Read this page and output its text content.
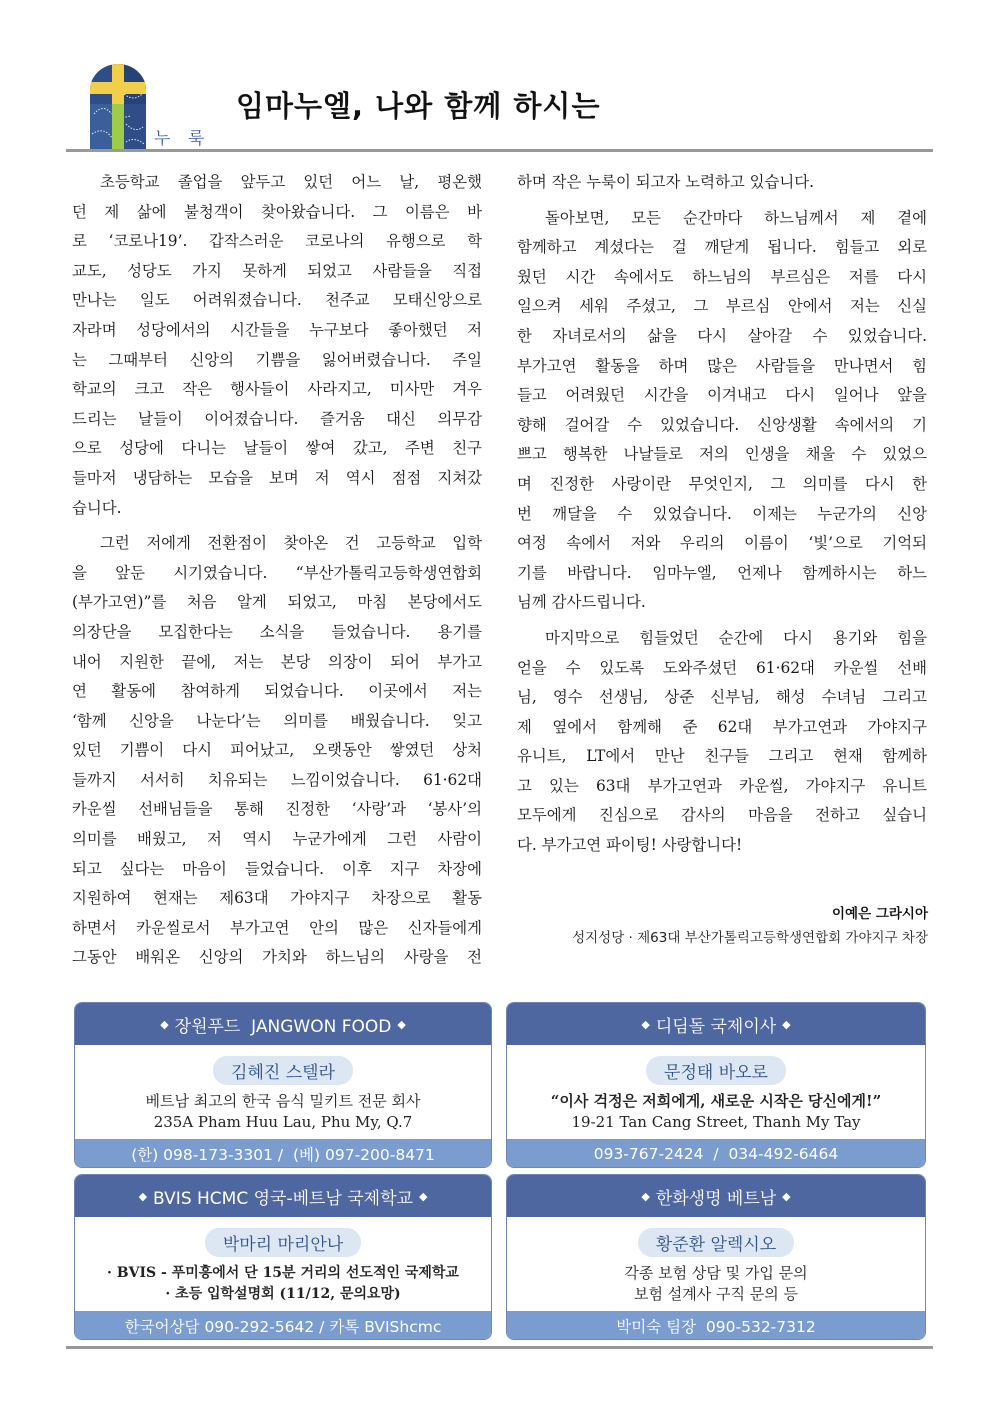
누 룩
임마누엘, 나와 함께 하시는

초등학교 졸업을 앞두고 있던 어느 날, 평온했
던 제 삶에 불청객이 찾아왔습니다. 그 이름은 바
로 ‘코로나19’. 갑작스러운 코로나의 유행으로 학
교도, 성당도 가지 못하게 되었고 사람들을 직접
만나는 일도 어려워졌습니다. 천주교 모태신앙으로
자라며 성당에서의 시간들을 누구보다 좋아했던 저
는 그때부터 신앙의 기쁨을 잃어버렸습니다. 주일
학교의 크고 작은 행사들이 사라지고, 미사만 겨우
드리는 날들이 이어졌습니다. 즐거움 대신 의무감
으로 성당에 다니는 날들이 쌓여 갔고, 주변 친구
들마저 냉담하는 모습을 보며 저 역시 점점 지쳐갔
습니다.

그런 저에게 전환점이 찾아온 건 고등학교 입학
을 앞둔 시기였습니다. “부산가톨릭고등학생연합회
(부가고연)”를 처음 알게 되었고, 마침 본당에서도
의장단을 모집한다는 소식을 들었습니다. 용기를
내어 지원한 끝에, 저는 본당 의장이 되어 부가고
연 활동에 참여하게 되었습니다. 이곳에서 저는
‘함께 신앙을 나눈다’는 의미를 배웠습니다. 잊고
있던 기쁨이 다시 피어났고, 오랫동안 쌓였던 상처
들까지 서서히 치유되는 느낌이었습니다. 61·62대
카운씰 선배님들을 통해 진정한 ‘사랑’과 ‘봉사’의
의미를 배웠고, 저 역시 누군가에게 그런 사람이
되고 싶다는 마음이 들었습니다. 이후 지구 차장에
지원하여 현재는 제63대 가야지구 차장으로 활동
하면서 카운씰로서 부가고연 안의 많은 신자들에게
그동안 배워온 신앙의 가치와 하느님의 사랑을 전

하며 작은 누룩이 되고자 노력하고 있습니다.

돌아보면, 모든 순간마다 하느님께서 제 곁에
함께하고 계셨다는 걸 깨닫게 됩니다. 힘들고 외로
웠던 시간 속에서도 하느님의 부르심은 저를 다시
일으켜 세워 주셨고, 그 부르심 안에서 저는 신실
한 자녀로서의 삶을 다시 살아갈 수 있었습니다.
부가고연 활동을 하며 많은 사람들을 만나면서 힘
들고 어려웠던 시간을 이겨내고 다시 일어나 앞을
향해 걸어갈 수 있었습니다. 신앙생활 속에서의 기
쁘고 행복한 나날들로 저의 인생을 채울 수 있었으
며 진정한 사랑이란 무엇인지, 그 의미를 다시 한
번 깨달을 수 있었습니다. 이제는 누군가의 신앙
여정 속에서 저와 우리의 이름이 ‘빛’으로 기억되
기를 바랍니다. 임마누엘, 언제나 함께하시는 하느
님께 감사드립니다.

마지막으로 힘들었던 순간에 다시 용기와 힘을
얻을 수 있도록 도와주셨던 61·62대 카운씰 선배
님, 영수 선생님, 상준 신부님, 해성 수녀님 그리고
제 옆에서 함께해 준 62대 부가고연과 가야지구
유니트, LT에서 만난 친구들 그리고 현재 함께하
고 있는 63대 부가고연과 카운씰, 가야지구 유니트
모두에게 진심으로 감사의 마음을 전하고 싶습니
다. 부가고연 파이팅! 사랑합니다!

이예은 그라시아
성지성당 · 제63대 부산가톨릭고등학생연합회 가야지구 차장
◆ 장원푸드  JANGWON FOOD ◆
김혜진 스텔라
베트남 최고의 한국 음식 밀키트 전문 회사
235A Pham Huu Lau, Phu My, Q.7
(한) 098-173-3301 /  (베) 097-200-8471
◆ 디딤돌 국제이사 ◆
문정태 바오로
“이사 걱정은 저희에게, 새로운 시작은 당신에게!”
19-21 Tan Cang Street, Thanh My Tay
093-767-2424  /  034-492-6464
◆ BVIS HCMC 영국-베트남 국제학교 ◆
박마리 마리안나
· BVIS - 푸미흥에서 단 15분 거리의 선도적인 국제학교
· 초등 입학설명회 (11/12, 문의요망)
한국어상담 090-292-5642 / 카톡 BVIShcmc
◆ 한화생명 베트남 ◆
황준환 알렉시오
각종 보험 상담 및 가입 문의
보험 설계사 구직 문의 등
박미숙 팀장  090-532-7312
